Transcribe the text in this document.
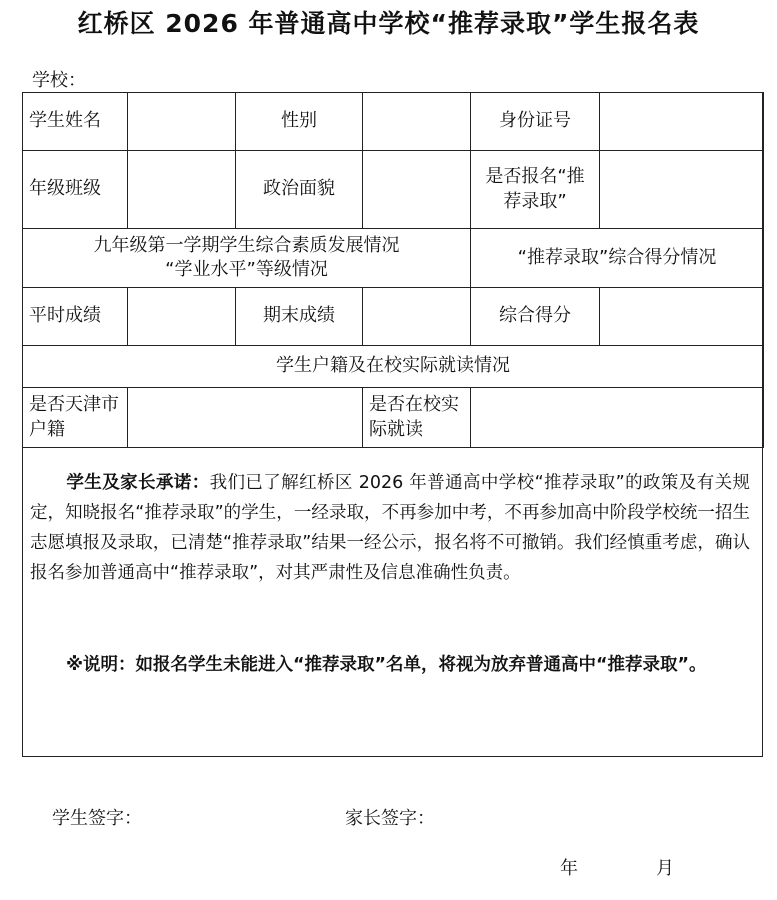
红桥区 2026 年普通高中学校“推荐录取”学生报名表
学校：
学生姓名		性别		身份证号	
年级班级		政治面貌		是否报名“推荐录取”	

九年级第一学期学生综合素质发展情况
“学业水平”等级情况				“推荐录取”综合得分情况	
平时成绩		期末成绩		综合得分	
学生户籍及在校实际就读情况					
是否天津市户籍			是否在校实际就读		
学生及家长承诺：我们已了解红桥区 2026 年普通高中学校“推荐录取”的政策及有关规定，知晓报名“推荐录取”的学生，一经录取，不再参加中考，不再参加高中阶段学校统一招生志愿填报及录取，已清楚“推荐录取”结果一经公示，报名将不可撤销。我们经慎重考虑，确认报名参加普通高中“推荐录取”，对其严肃性及信息准确性负责。
※说明：如报名学生未能进入“推荐录取”名单，将视为放弃普通高中“推荐录取”。
学生签字：	家长签字：
年	月
